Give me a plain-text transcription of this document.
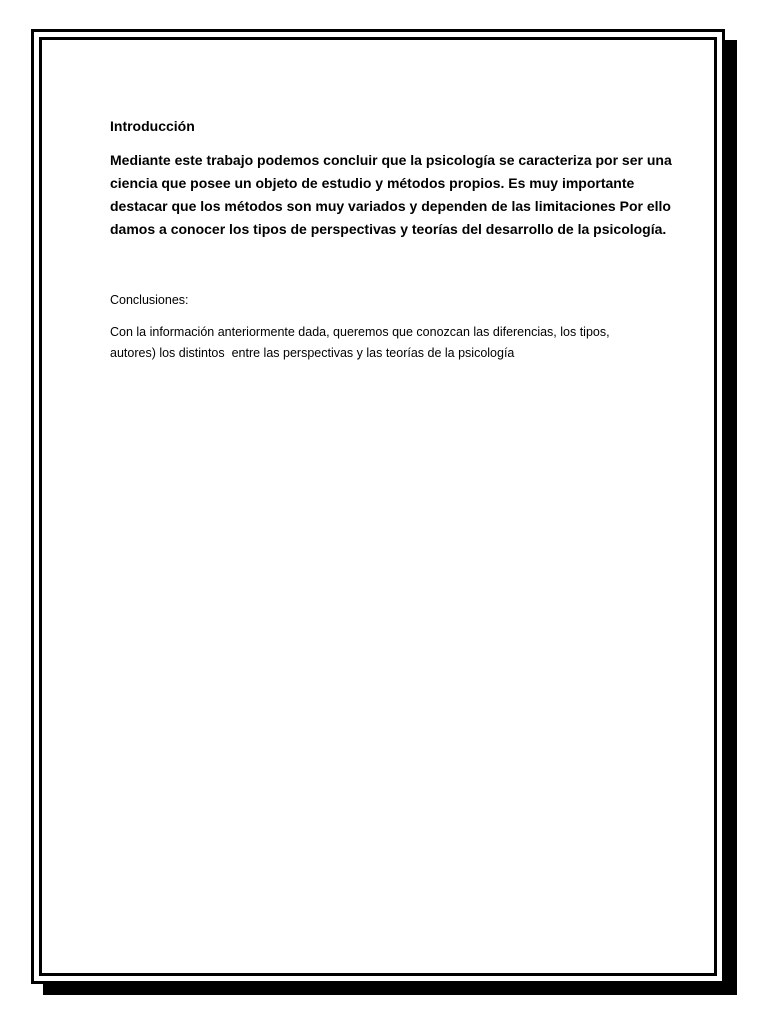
Introducción

Mediante este trabajo podemos concluir que la psicología se caracteriza por ser una
ciencia que posee un objeto de estudio y métodos propios. Es muy importante
destacar que los métodos son muy variados y dependen de las limitaciones Por ello
damos a conocer los tipos de perspectivas y teorías del desarrollo de la psicología.

Conclusiones:

Con la información anteriormente dada, queremos que conozcan las diferencias, los tipos,
autores) los distintos  entre las perspectivas y las teorías de la psicología
